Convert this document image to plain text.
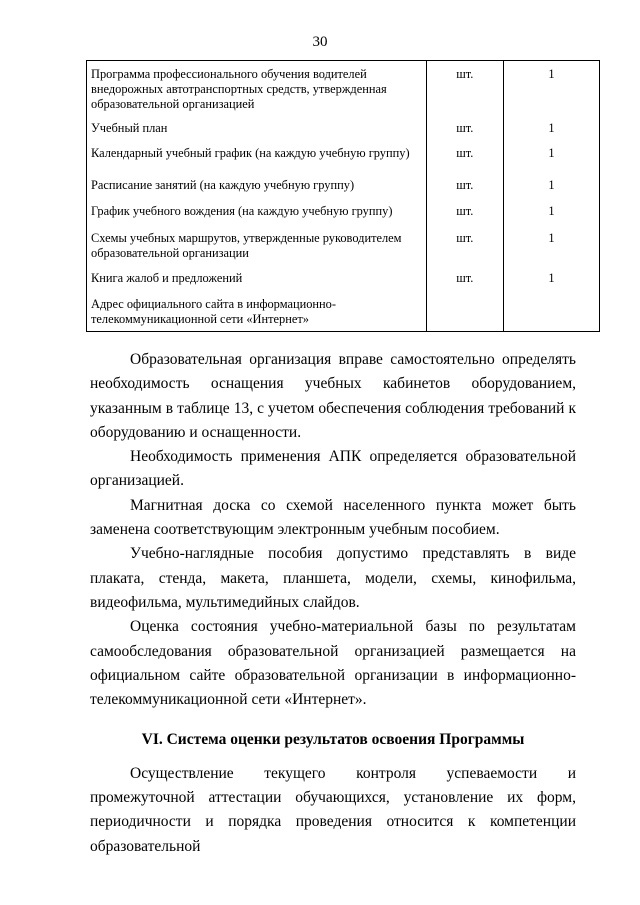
30
Программа профессионального обучения водителей внедорожных автотранспортных средств, утвержденная образовательной организацией	шт.	1
Учебный план	шт.	1
Календарный учебный график (на каждую учебную группу)	шт.	1
Расписание занятий (на каждую учебную группу)	шт.	1
График учебного вождения (на каждую учебную группу)	шт.	1
Схемы учебных маршрутов, утвержденные руководителем образовательной организации	шт.	1
Книга жалоб и предложений	шт.	1
Адрес официального сайта в информационно-телекоммуникационной сети «Интернет»		

Образовательная организация вправе самостоятельно определять необходимость оснащения учебных кабинетов оборудованием, указанным в таблице 13, с учетом обеспечения соблюдения требований к оборудованию и оснащенности.

Необходимость применения АПК определяется образовательной организацией.

Магнитная доска со схемой населенного пункта может быть заменена соответствующим электронным учебным пособием.

Учебно-наглядные пособия допустимо представлять в виде плаката, стенда, макета, планшета, модели, схемы, кинофильма, видеофильма, мультимедийных слайдов.

Оценка состояния учебно-материальной базы по результатам самообследования образовательной организацией размещается на официальном сайте образовательной организации в информационно-телекоммуникационной сети «Интернет».

VI. Система оценки результатов освоения Программы

Осуществление текущего контроля успеваемости и промежуточной аттестации обучающихся, установление их форм, периодичности и порядка проведения относится к компетенции образовательной
